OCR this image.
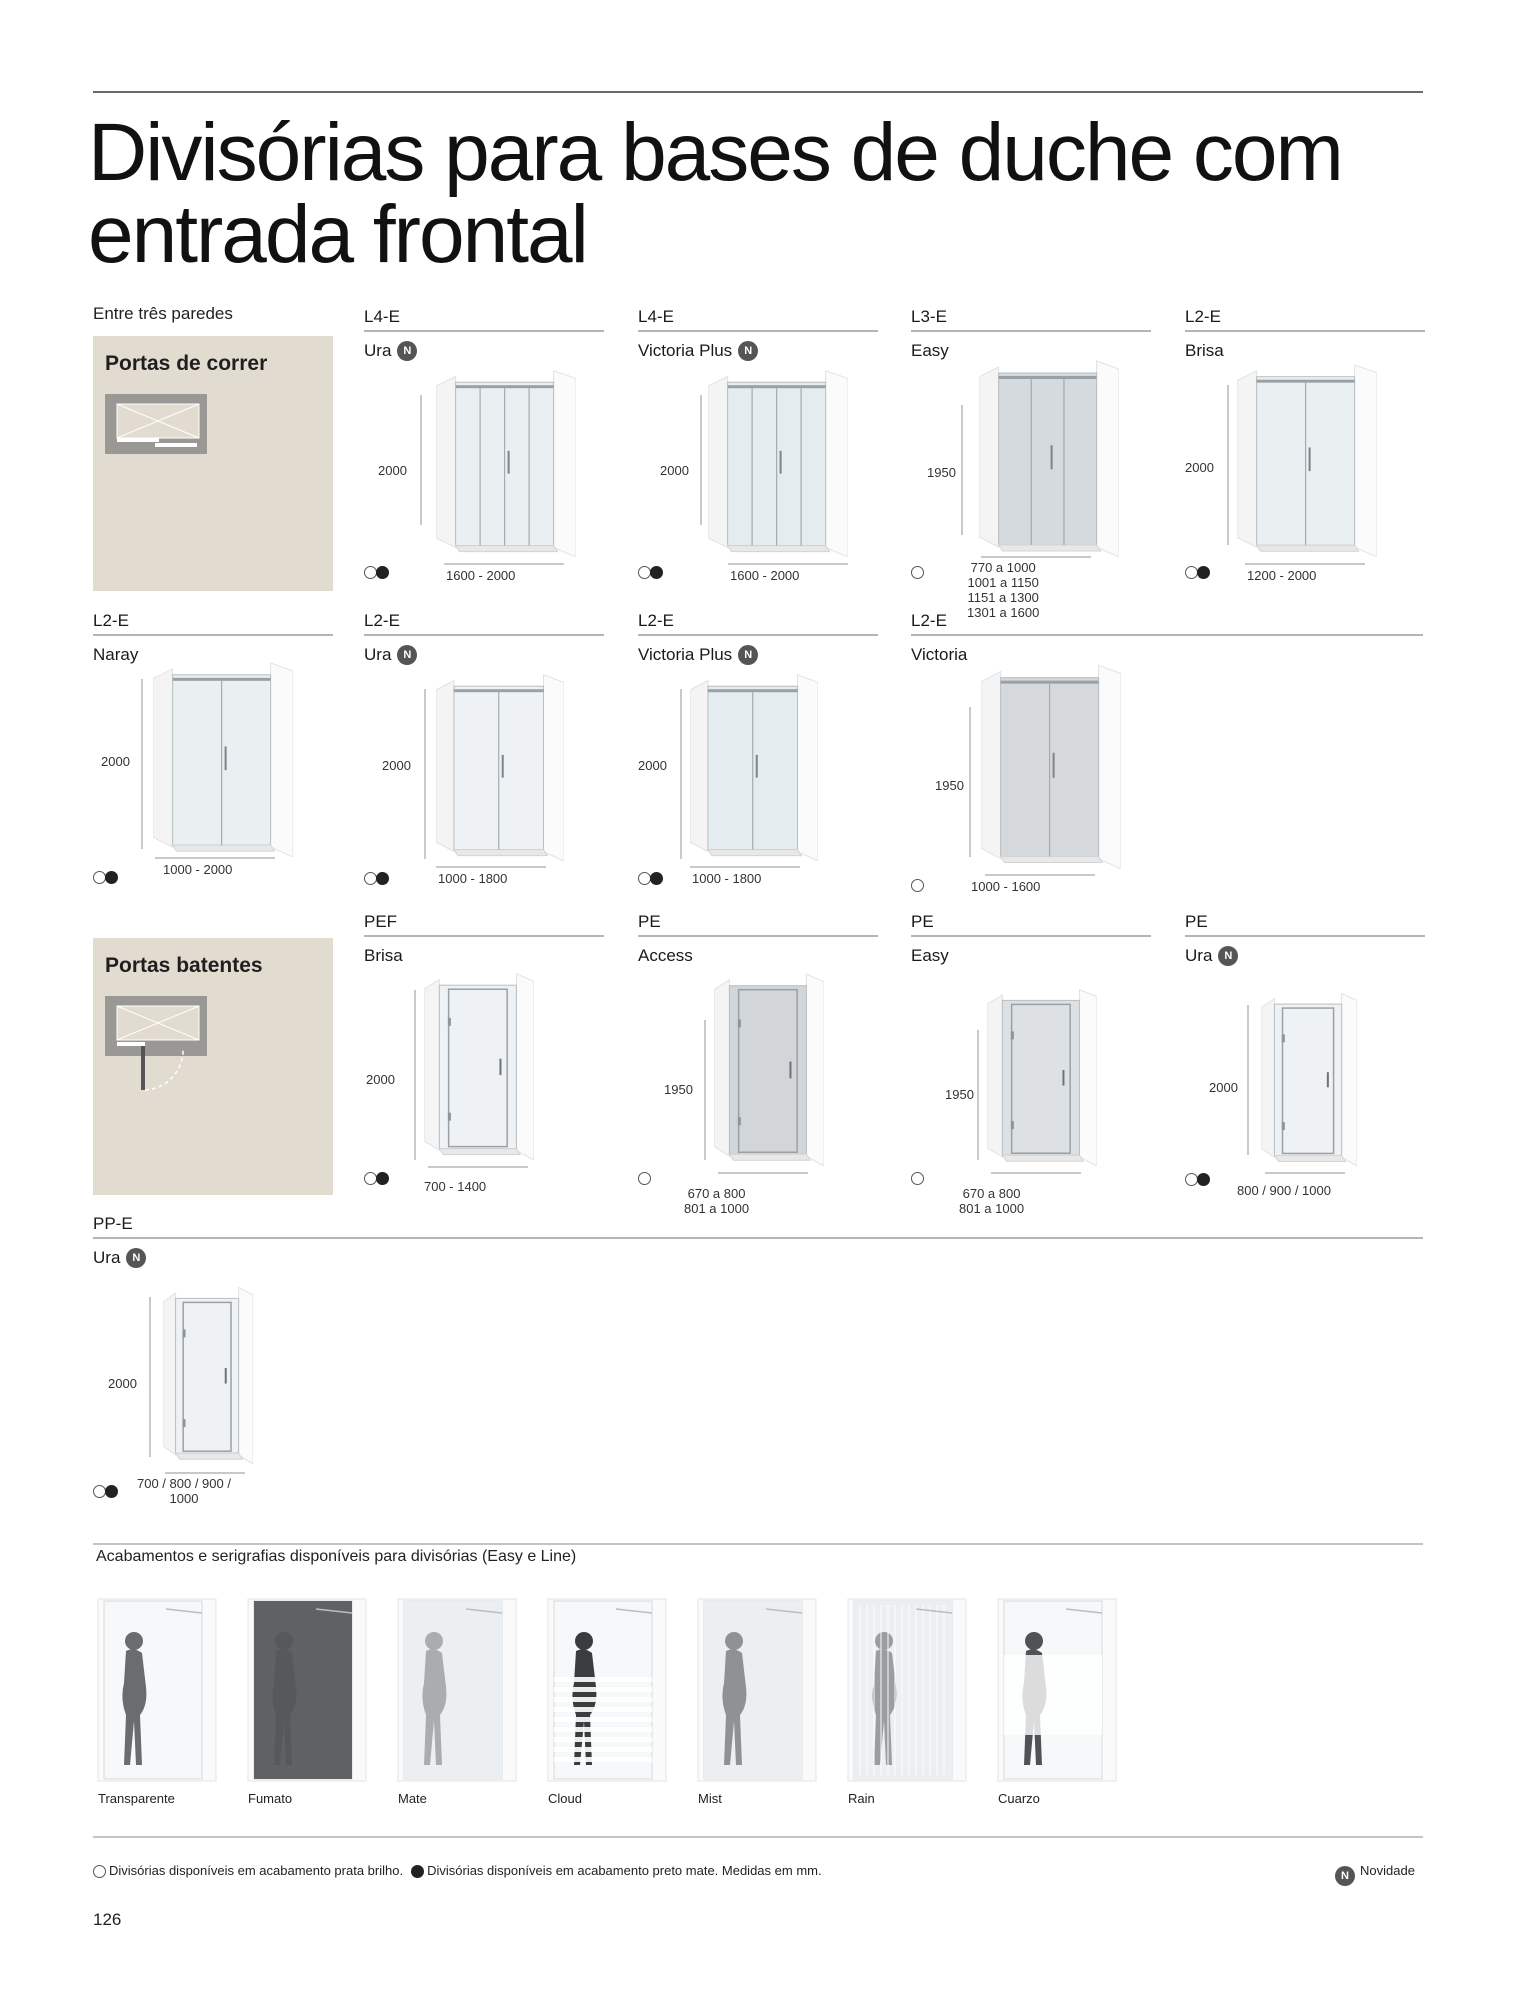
Divisórias para bases de duche com
entrada frontal
Entre três paredes
Portas de correr
Portas batentes
L4-E
Ura N
2000
1600 - 2000
L4-E
Victoria Plus N
2000
1600 - 2000
L3-E
Easy
1950
770 a 1000
1001 a 1150
1151 a 1300
1301 a 1600
L2-E
Brisa
2000
1200 - 2000
L2-E
Naray
2000
1000 - 2000
L2-E
Ura N
2000
1000 - 1800
L2-E
Victoria Plus N
2000
1000 - 1800
L2-E
Victoria
1950
1000 - 1600
PEF
Brisa
2000
700 - 1400
PE
Access
1950
670 a 800
801 a 1000
PE
Easy
1950
670 a 800
801 a 1000
PE
Ura N
2000
800 / 900 / 1000
PP-E
Ura N
2000
700 / 800 / 900 /
1000
Acabamentos e serigrafias disponíveis para divisórias (Easy e Line)
Transparente	Fumato	Mate	Cloud	Mist	Rain	Cuarzo
Divisórias disponíveis em acabamento prata brilho. Divisórias disponíveis em acabamento preto mate. Medidas em mm.	N Novidade
126
